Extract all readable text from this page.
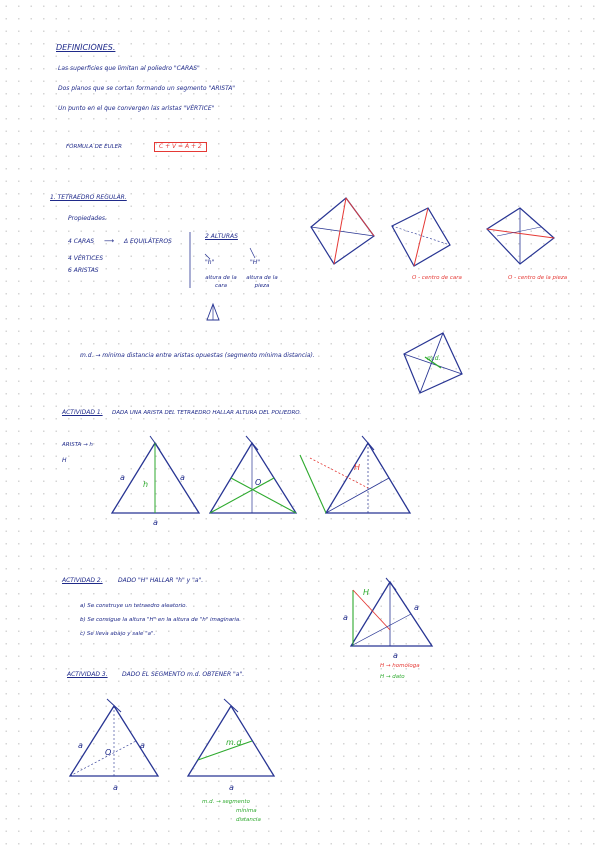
DEFINICIONES.

Las superficies que limitan al poliedro "CARAS"

Dos planos que se cortan formando un segmento "ARISTA"

Un punto en el que convergen las aristas "VÉRTICE"

FÓRMULA DE EULER	C + V = A + 2

1. TETRAEDRO REGULAR.

Propiedades.

4 CARAS ⟶ Δ EQUILÁTEROS

4 VÉRTICES

6 ARISTAS

2 ALTURAS

"h"	"H"

altura de la cara

altura de la pieza

O - centro de cara	O - centro de la pieza

m.d. → mínima distancia entre aristas opuestas (segmento mínima distancia).

ACTIVIDAD 1. DADA UNA ARISTA DEL TETRAEDRO HALLAR ALTURA DEL POLIEDRO.

ARISTA → h

H

ACTIVIDAD 2.	DADO "H" HALLAR "h" y "a".

a) Se construye un tetraedro aleatorio.

b) Se consigue la altura "H" en la altura de "h" imaginaria.

c) Se lleva abajo y sale "a".

H → homóloga

H → dato

ACTIVIDAD 3. DADO EL SEGMENTO m.d. OBTENER "a".

m.d. → segmento

mínima

distancia

a	a
a
h	O
H
H
a
a
a
a	a
a
O
a
m.d
m.d.
